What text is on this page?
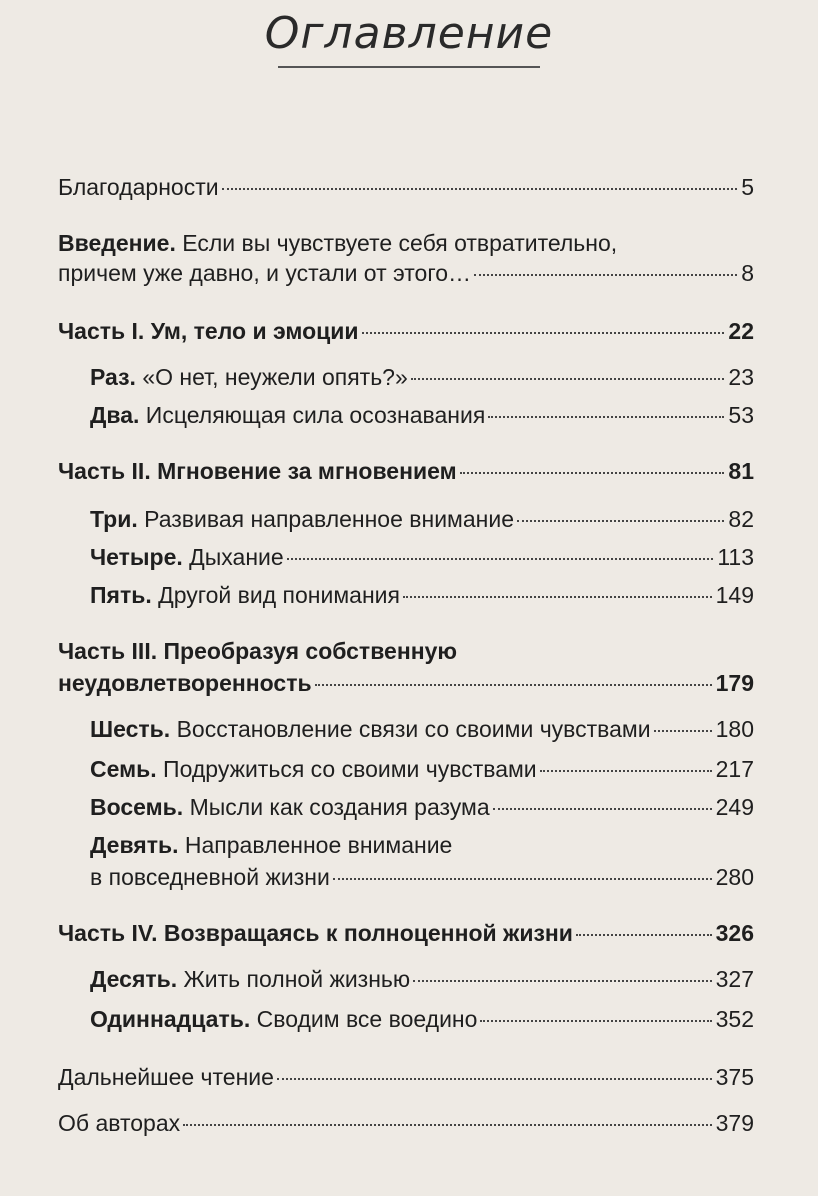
Оглавление
Благодарности	5
Введение. Если вы чувствуете себя отвратительно,
причем уже давно, и устали от этого…	8
Часть I. Ум, тело и эмоции	22
Раз. «О нет, неужели опять?»	23
Два. Исцеляющая сила осознавания	53
Часть II. Мгновение за мгновением	81
Три. Развивая направленное внимание	82
Четыре. Дыхание	113
Пять. Другой вид понимания	149
Часть III. Преобразуя собственную
неудовлетворенность	179
Шесть. Восстановление связи со своими чувствами	180
Семь. Подружиться со своими чувствами	217
Восемь. Мысли как создания разума	249
Девять. Направленное внимание
в повседневной жизни	280
Часть IV. Возвращаясь к полноценной жизни	326
Десять. Жить полной жизнью	327
Одиннадцать. Сводим все воедино	352
Дальнейшее чтение	375
Об авторах	379
